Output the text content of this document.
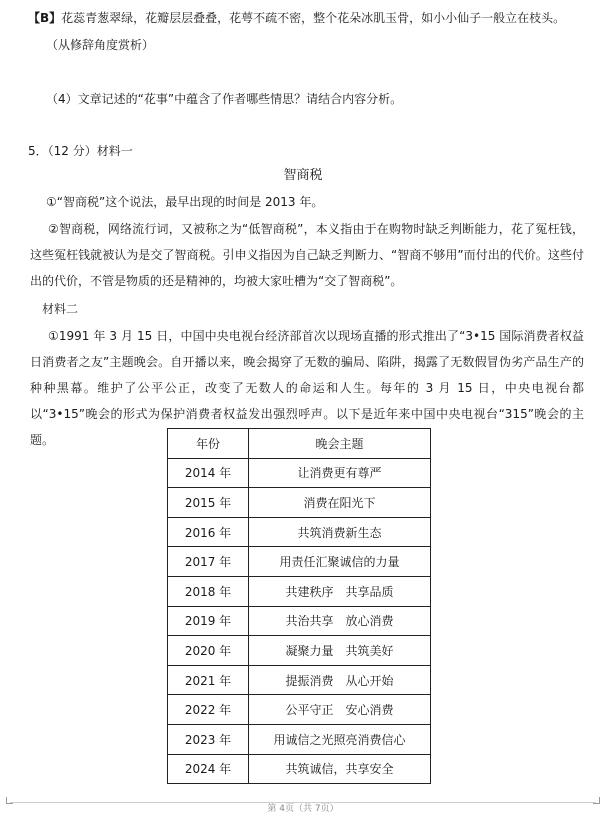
【B】花蕊青葱翠绿，花瓣层层叠叠，花萼不疏不密，整个花朵冰肌玉骨，如小小仙子一般立在枝头。
（从修辞角度赏析）
（4）文章记述的“花事”中蕴含了作者哪些情思？请结合内容分析。
5．（12 分）材料一
智商税
①“智商税”这个说法，最早出现的时间是 2013 年。
②智商税，网络流行词，又被称之为“低智商税”，本义指由于在购物时缺乏判断能力，花了冤枉钱，这些冤枉钱就被认为是交了智商税。引申义指因为自己缺乏判断力、“智商不够用”而付出的代价。这些付出的代价，不管是物质的还是精神的，均被大家吐槽为“交了智商税”。
材料二
①1991 年 3 月 15 日，中国中央电视台经济部首次以现场直播的形式推出了“3•15 国际消费者权益日消费者之友”主题晚会。自开播以来，晚会揭穿了无数的骗局、陷阱，揭露了无数假冒伪劣产品生产的种种黑幕。维护了公平公正，改变了无数人的命运和人生。每年的 3 月 15 日，中央电视台都以“3•15”晚会的形式为保护消费者权益发出强烈呼声。以下是近年来中国中央电视台“315”晚会的主题。	年份	晚会主题
2014 年	让消费更有尊严
2015 年	消费在阳光下
2016 年	共筑消费新生态
2017 年	用责任汇聚诚信的力量
2018 年	共建秩序　共享品质
2019 年	共治共享　放心消费
2020 年	凝聚力量　共筑美好
2021 年	提振消费　从心开始
2022 年	公平守正　安心消费
2023 年	用诚信之光照亮消费信心
2024 年	共筑诚信，共享安全
第 4页（共 7页）
